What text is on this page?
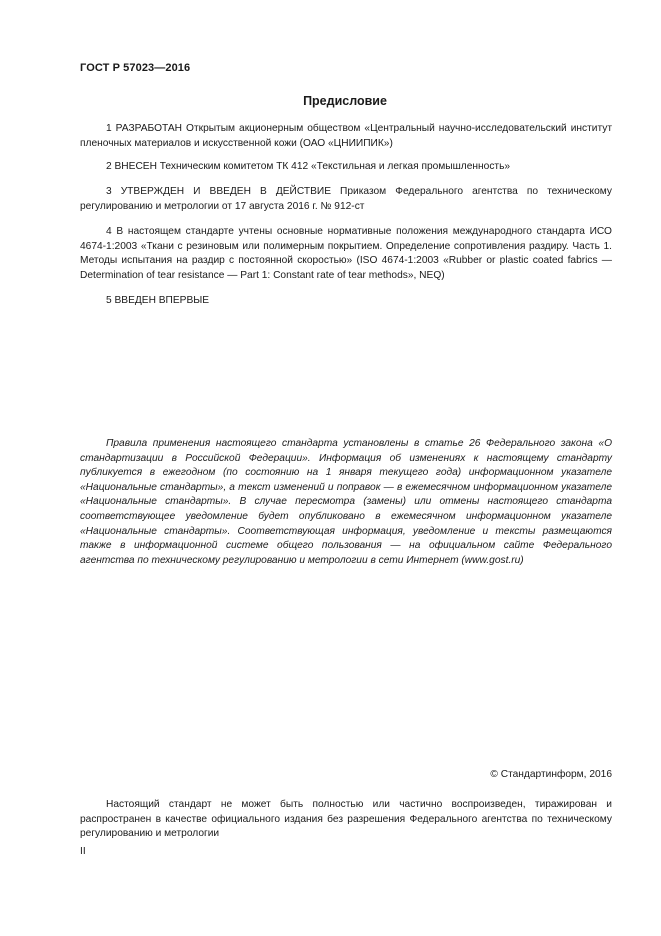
ГОСТ Р 57023—2016
Предисловие

1 РАЗРАБОТАН Открытым акционерным обществом «Центральный научно-исследовательский институт пленочных материалов и искусственной кожи (ОАО «ЦНИИПИК»)

2 ВНЕСЕН Техническим комитетом ТК 412 «Текстильная и легкая промышленность»

3 УТВЕРЖДЕН И ВВЕДЕН В ДЕЙСТВИЕ Приказом Федерального агентства по техническому регулированию и метрологии от 17 августа 2016 г. № 912-ст

4 В настоящем стандарте учтены основные нормативные положения международного стандарта ИСО 4674-1:2003 «Ткани с резиновым или полимерным покрытием. Определение сопротивления раздиру. Часть 1. Методы испытания на раздир с постоянной скоростью» (ISO 4674-1:2003 «Rubber or plastic coated fabrics — Determination of tear resistance — Part 1: Constant rate of tear methods», NEQ)

5 ВВЕДЕН ВПЕРВЫЕ

Правила применения настоящего стандарта установлены в статье 26 Федерального закона «О стандартизации в Российской Федерации». Информация об изменениях к настоящему стандарту публикуется в ежегодном (по состоянию на 1 января текущего года) информационном указателе «Национальные стандарты», а текст изменений и поправок — в ежемесячном информационном указателе «Национальные стандарты». В случае пересмотра (замены) или отмены настоящего стандарта соответствующее уведомление будет опубликовано в ежемесячном информационном указателе «Национальные стандарты». Соответствующая информация, уведомление и тексты размещаются также в информационной системе общего пользования — на официальном сайте Федерального агентства по техническому регулированию и метрологии в сети Интернет (www.gost.ru)

© Стандартинформ, 2016

Настоящий стандарт не может быть полностью или частично воспроизведен, тиражирован и распространен в качестве официального издания без разрешения Федерального агентства по техническому регулированию и метрологии

II
